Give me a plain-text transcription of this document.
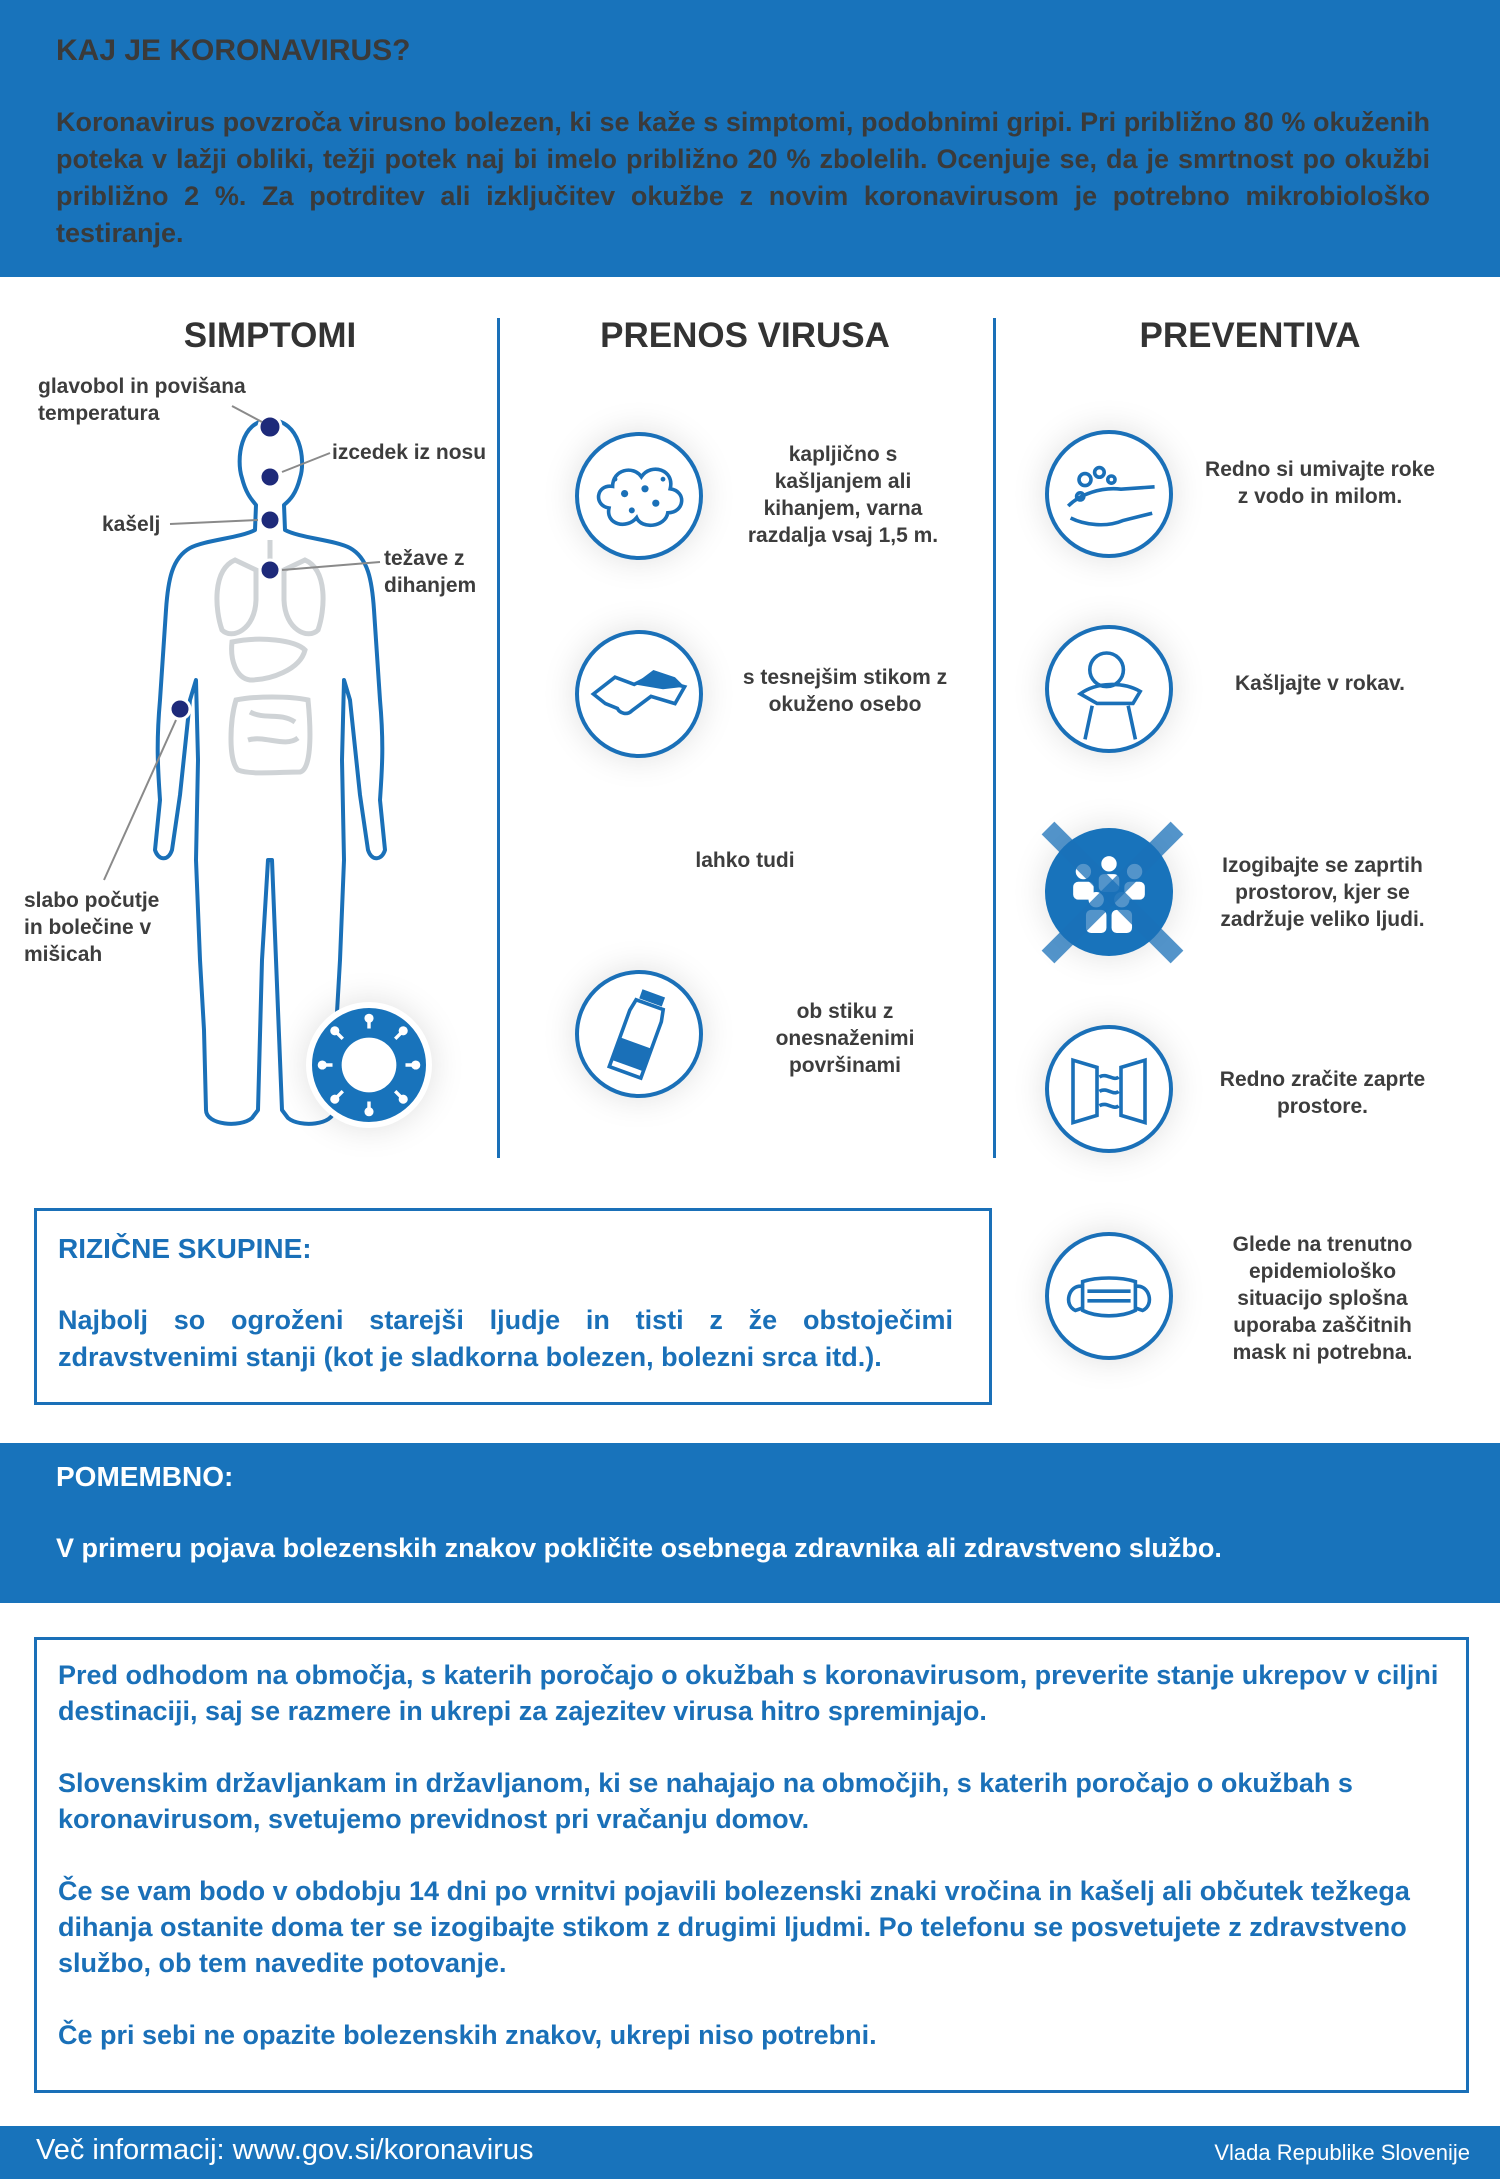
KAJ JE KORONAVIRUS?
Koronavirus povzroča virusno bolezen, ki se kaže s simptomi, podobnimi gripi. Pri približno 80 % okuženih poteka v lažji obliki, težji potek naj bi imelo približno 20 % zbolelih. Ocenjuje se, da je smrtnost po okužbi približno 2 %. Za potrditev ali izključitev okužbe z novim koronavirusom je potrebno mikrobiološko testiranje.
SIMPTOMI	PRENOS VIRUSA	PREVENTIVA
glavobol in povišana temperatura
izcedek iz nosu
kašelj
težave z dihanjem
slabo počutje in bolečine v mišicah
kapljično s kašljanjem ali kihanjem, varna razdalja vsaj 1,5 m.
s tesnejšim stikom z okuženo osebo
lahko tudi
ob stiku z onesnaženimi površinami
Redno si umivajte roke z vodo in milom.
Kašljajte v rokav.
Izogibajte se zaprtih prostorov, kjer se zadržuje veliko ljudi.
Redno zračite zaprte prostore.
Glede na trenutno epidemiološko situacijo splošna uporaba zaščitnih mask ni potrebna.
RIZIČNE SKUPINE:
Najbolj so ogroženi starejši ljudje in tisti z že obstoječimi zdravstvenimi stanji (kot je sladkorna bolezen, bolezni srca itd.).
POMEMBNO:
V primeru pojava bolezenskih znakov pokličite osebnega zdravnika ali zdravstveno službo.
Pred odhodom na območja, s katerih poročajo o okužbah s koronavirusom, preverite stanje ukrepov v ciljni destinaciji, saj se razmere in ukrepi za zajezitev virusa hitro spreminjajo.
Slovenskim državljankam in državljanom, ki se nahajajo na območjih, s katerih poročajo o okužbah s koronavirusom, svetujemo previdnost pri vračanju domov.
Če se vam bodo v obdobju 14 dni po vrnitvi pojavili bolezenski znaki vročina in kašelj ali občutek težkega dihanja ostanite doma ter se izogibajte stikom z drugimi ljudmi. Po telefonu se posvetujete z zdravstveno službo, ob tem navedite potovanje.
Če pri sebi ne opazite bolezenskih znakov, ukrepi niso potrebni.
Več informacij: www.gov.si/koronavirus	Vlada Republike Slovenije
